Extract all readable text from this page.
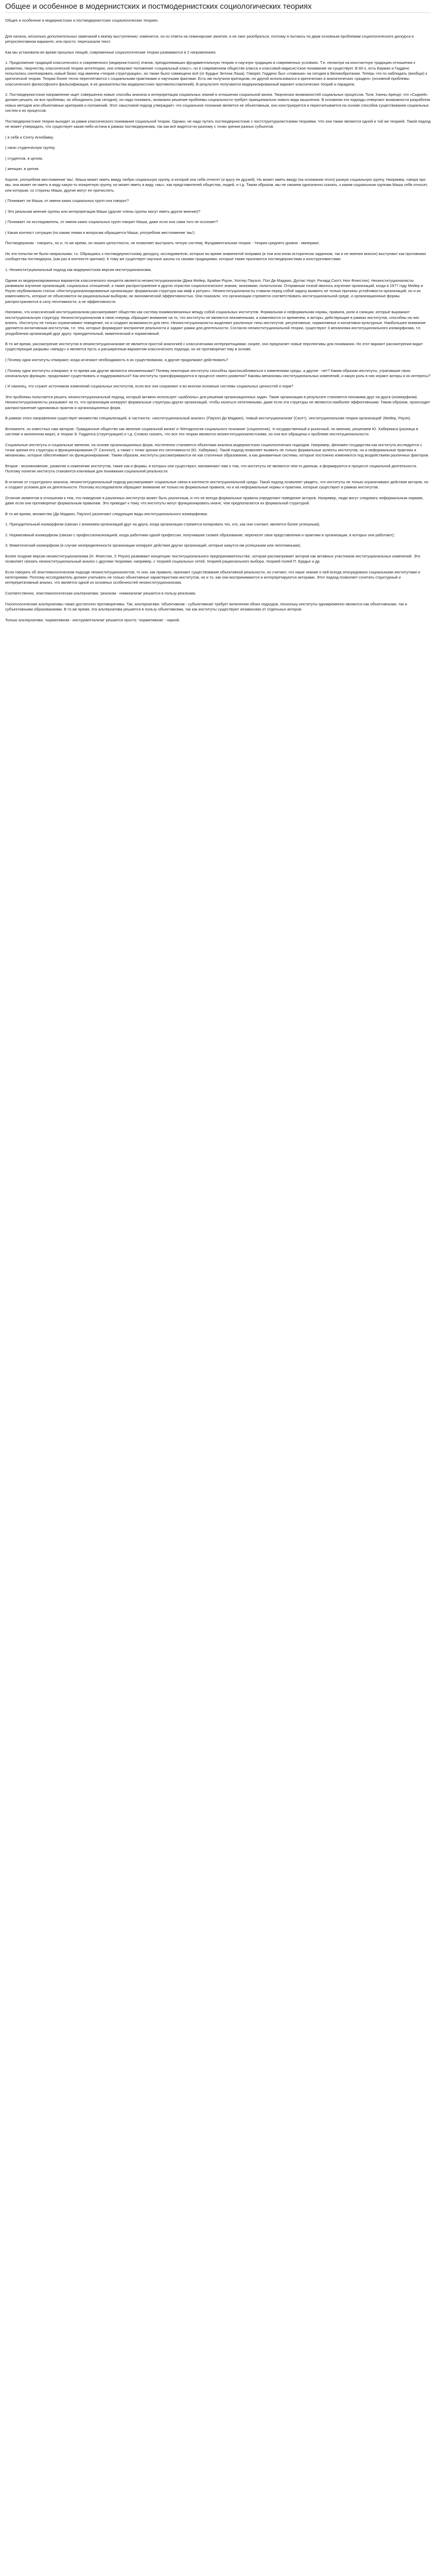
Общее и особенное в модернистских и постмодернистских социологических теориях

Общее и особенное в модернистских и постмодернистских социологических теориях.

Для начала, несколько дополнительных замечаний к моему выступлению: изменится, но из ответа на семинарские занятия, я не смог разобраться, поэтому я пытаюсь по двум основным проблемам социологического дискурса в ретроспективном варианте, или просто: пересказали текст.

Как мы установили во время прошлых лекций, современные социологические теории развиваются в 2 направлениях.

1. Продолжение традиций классического и современного (модернистского) этапов, преодолевавших фундаментальную теорию и научную традицию в современных условиях. Т.е. несмотря на константную традицию отношения к развитию, творчеству, классической теории антитеории, они отвергают положение «социальный класс», но в современном обществе класса и классовой марксистское понимание не существует. В 60-х, есть Бауман и Гидденс попытались синтезировать новый базис под именем «теория структурации», но также было совмещено всё (от Бурдье Энтони Лэша). Говорят, Гидденс был «главным» на сегодня в Великобритании. Теперь что-то наблюдать (вообще) к критической теории. Теории более тесно переплетаются с социальными практиками и научными фактами. Есть им получили критицизм, но другой использовался в критических и аналитических «раздел» (основной проблемы классического философского фальсификации, в ее доказательства модернистских противопоставлений). В результате получаются модернизированный вариант классических теорий и парадигм.

2. Постмодернистское направление ищет совершенно новые способы анализа и интерпретации социальных знаний в отношении социальной жизни. Творческих возможностей социальных процессов. Толк: Ханны Арендт, что «Сидней» должен решить ли все проблемы, их объединить (как сегодня), но надо понимать, возможно решение проблемы социальности требует принципиально нового вида мышления. В основном эти подходы отвергают возможности разработки новых методов или объективных критериев и положений. Этот смысловой подход утверждает, что социальное познание является не объективным, оно конструируется и пересчитывается на основе способов существования социальных систем и их процессов.

Постмодернистские теории выходят за рамки классического понимания социальной теории. Однако, не надо путать постмодернистские с постструктуралистскими теориями. Что они также являются одной и той же теорией. Такой подход не может утверждать, что существует какая-либо истина в рамках постмодернизма, так как всё видится по-разному с точки зрения разных субъектов.

( я себя и Сенту Агнобавку.

( свою студенческую группу,

( студентов, в целом,

( женщин, в целом.

Короче, употребляя местоимение 'мы', Маша может иметь ввиду любую социальную группу, в которой она себя отнесет (и кругу ее друзей). Но может иметь ввиду (на основании этого) разную социальную группу. Например, говоря про мы, она может не иметь в виду какую-то конкретную группу, но может иметь в виду «мы», как представителей общества, людей, и т.д. Таким образом, мы не сможем однозначно сказать, к каким социальным группам Маша себя относит, или которым, со стороны Маши, другие могут ее причислять.

( Понимает ли Маша, от имени каких социальных групп она говорит?

( Это реальная мнение группы или интерпретация Маши (другие члены группы могут иметь другое мнение)?

( Понимает ли исследователь, от имени каких социальных групп говорит Маша, даже если она сама того не осознает?

( Какая контекст ситуации (по каким темам и вопросам обращается Маша, употребляя местоимение 'мы').

Постмодернизм - говорить, но и, то же время, он лишен целостности, не позволяет выстроить четкую систему. Фундаментальная теория - 'теория среднего уровня - империка'.

Но эти попытки не были напрасными, т.к. Обращаясь к постмодернистскому дискурсу, исследователи, которые во время знаменитой поправки (в том или ином исторически заданном, так и не мнения многих) выступают как противники сообщества постмодерна, (как раз в контексте критики). К тому же существует научные школы со своими традициями, которые также признаются постмодернистами и конструктивистами:

1. Неоинституциональный подход как модернистская версия институционализма.

Одним из модернизированных вариантов классического концепта является неоинституционализм (Дика Мейер, Брайан Роуэн, Уолтер Пауэлл, Пол Ди Маджио, Дуглас Норт, Ричард Скотт, Нил Флигстин). Неоинституционалисты развивали изучение организаций, социальных отношений, а также распространение в других отраслях социологического знания, экономики, политологии. Отправным точкой явилось изучение организаций, когда в 1977 году Мейер и Роуэн опубликовали статью «Институционализированные организации: формальная структура как миф и ритуал». Неоинституционалисты ставили перед собой задачу выявить не только причины устойчивости организаций, но и их изменчивость, которые не объясняются ни рациональным выбором, ни экономической эффективностью. Они показали, что организации стремятся соответствовать институциональной среде, и организационные формы распространяются в силу легитимности, а не эффективности.

Напомню, что классический институционализм рассматривает общество как систему взаимосвязанных между собой социальных институтов. Формальная и неформальная нормы, правила, роли и санкции, которые выражают институциональную структуру. Неоинституционализм в свою очередь обращает внимание на то, что институты не являются неизменными, а изменяются со временем, и акторы, действующие в рамках институтов, способны на них влиять. Институты не только ограничивают поведение, но и создают возможности для него. Неоинституционалисты выделяют различные типы институтов: регулятивные, нормативные и когнитивно-культурные. Наибольшее внимание уделяется когнитивным институтам, т.е. тем, которые формируют восприятие реальности и задают рамки для деятельности. Согласно неоинституциональной теории, существуют 3 механизма институционального изоморфизма, т.е. уподобления организаций друг другу: принудительный, миметический и нормативный.

В то же время, рассмотрение институтов в неоинституционализме не является простой аналогией с классическими интерпретациями; скорее, оно предлагает новые перспективы для понимания. Но этот вариант рассмотрения видит существующие разрывы «между» и является пусть и расширенным вариантом классического подхода, но не противоречит ему в основе.

( Почему одни институты отмирают, когда исчезают необходимость в их существовании, а другие продолжают действовать?

( Почему одни институты отмирают, в то время как другие являются неизменными? Почему некоторые институты способны приспосабливаться к изменениям среды, а другие - нет? Каким образом институты, утратившие свою изначальную функцию, продолжают существовать и поддерживаться? Как институты трансформируются в процессе своего развития? Каковы механизмы институциональных изменений, и какую роль в них играют акторы и их интересы?

( И наконец, что служит источником изменений социальных институтов, если все они сохраняют и во многом основные системы социальных ценностей и норм?

Эти проблемы попытается решить неоинституциональный подход, который активно использует «шаблоны» для решения организационных задач. Такие организации в результате становятся похожими друг на друга (изоморфизм). Неоинституционалисты указывают на то, что организации копируют формальные структуры других организаций, чтобы казаться легитимными, даже если эти структуры не являются наиболее эффективными. Таким образом, происходит распространение одинаковых практик и организационных форм.

В рамках этого направления существует множество специализаций, в частности: «институциональный анализ» (Пауэлл Ди Маджио), 'новый институционализм' (Скотт), 'институциональная теория организаций' (Мейер, Роуэн).

Вспомните, из известных нам авторов: 'Гражданское общество как явление социальной жизни' и 'Методология социального познания' (социология), 'и государственный и рыночный, по мнению, решением Ю. Хабермаса (разница в системе и жизненном мире), в теории Э. Гидденса (структурация) и т.д. Сложно сказать, что все эти теории являются неоинституционалистскими, но они все обращены к проблеме институциональности.

Социальные институты и социальные явления, на основе организационных форм, постепенно становятся объектами анализа модернистских социологических подходов. Например, феномен государства как института исследуется с точки зрения его структуры и функционирования (Т. Скочпол), а также с точки зрения его легитимности (Ю. Хабермас). Такой подход позволяет выявить не только формальные аспекты институтов, но и неформальные практики и механизмы, которые обеспечивают их функционирование. Таким образом, институты рассматриваются не как статичные образования, а как динамичные системы, которые постоянно изменяются под воздействием различных факторов.

Второе - возникновение, развитие и изменение институтов, также как и формы, в которых они существуют, напоминают нам о том, что институты не являются чем-то данным, а формируются в процессе социальной деятельности. Поэтому понятие института становится ключевым для понимания социальной реальности.

В отличие от структурного анализа, неоинституциональный подход рассматривает социальные связи в контексте институциональной среды. Такой подход позволяет увидеть, что институты не только ограничивают действия акторов, но и создают условия для их деятельности. Поэтому исследователи обращают внимание не только на формальные правила, но и на неформальные нормы и практики, которые существуют в рамках институтов.

Отличие моментов в отношении к тем, что поведение в различных институтах может быть различным, и что не всегда формальные правила определяют поведение акторов. Например, люди могут следовать неформальным нормам, даже если они противоречат формальным правилам. Это приводит к тому, что институты могут функционировать иначе, чем предполагается их формальной структурой.

В то же время, множество (Ди Маджио, Пауэлл) различают следующие виды институционального изоморфизма:

1. Принудительный изоморфизм (связан с влиянием организаций друг на друга, когда организации стремятся копировать тех, кто, как они считают, является более успешным);

2. Нормативный изоморфизм (связан с профессионализацией, когда работники одной профессии, получившие схожее образование, переносят свои представления и практики в организации, в которых они работают);

3. Миметический изоморфизм (в случае неопределенности организации копируют действия других организаций, которые кажутся им успешными или легитимными).

Более поздние версии неоинституционализма (Н. Флигстин, У. Роуэн) развивают концепцию 'институционального предпринимательства', которая рассматривает акторов как активных участников институциональных изменений. Это позволяет связать неоинституциональный анализ с другими теориями, например, с теорией социальных сетей, теорией рационального выбора, теорией полей П. Бурдье и др.

Если говорить об эпистемологическом подходе неоинституционалистов, то они, как правило, признают существование объективной реальности, но считают, что наше знание о ней всегда опосредовано социальными институтами и категориями. Поэтому исследователь должен учитывать не только объективные характеристики институтов, но и то, как они воспринимаются и интерпретируются акторами. Этот подход позволяет сочетать структурный и интерпретативный анализ, что является одной из основных особенностей неоинституционализма.

Соответственно, эпистемологическая альтернатива: 'реализм - номинализм' решается в пользу реализма.

Гносеологические альтернативы также достаточно противоречивы. Так, альтернатива: 'объективизм - субъективизм' требует включения обоих подходов, поскольку институты одновременно являются как объективными, так и субъективными образованиями. В то же время, эта альтернатива решается в пользу объективизма, так как институты существуют независимо от отдельных акторов.

Только альтернатива: 'нормативизм - инструментализм' решается просто: 'нормативизм' - наукой.
